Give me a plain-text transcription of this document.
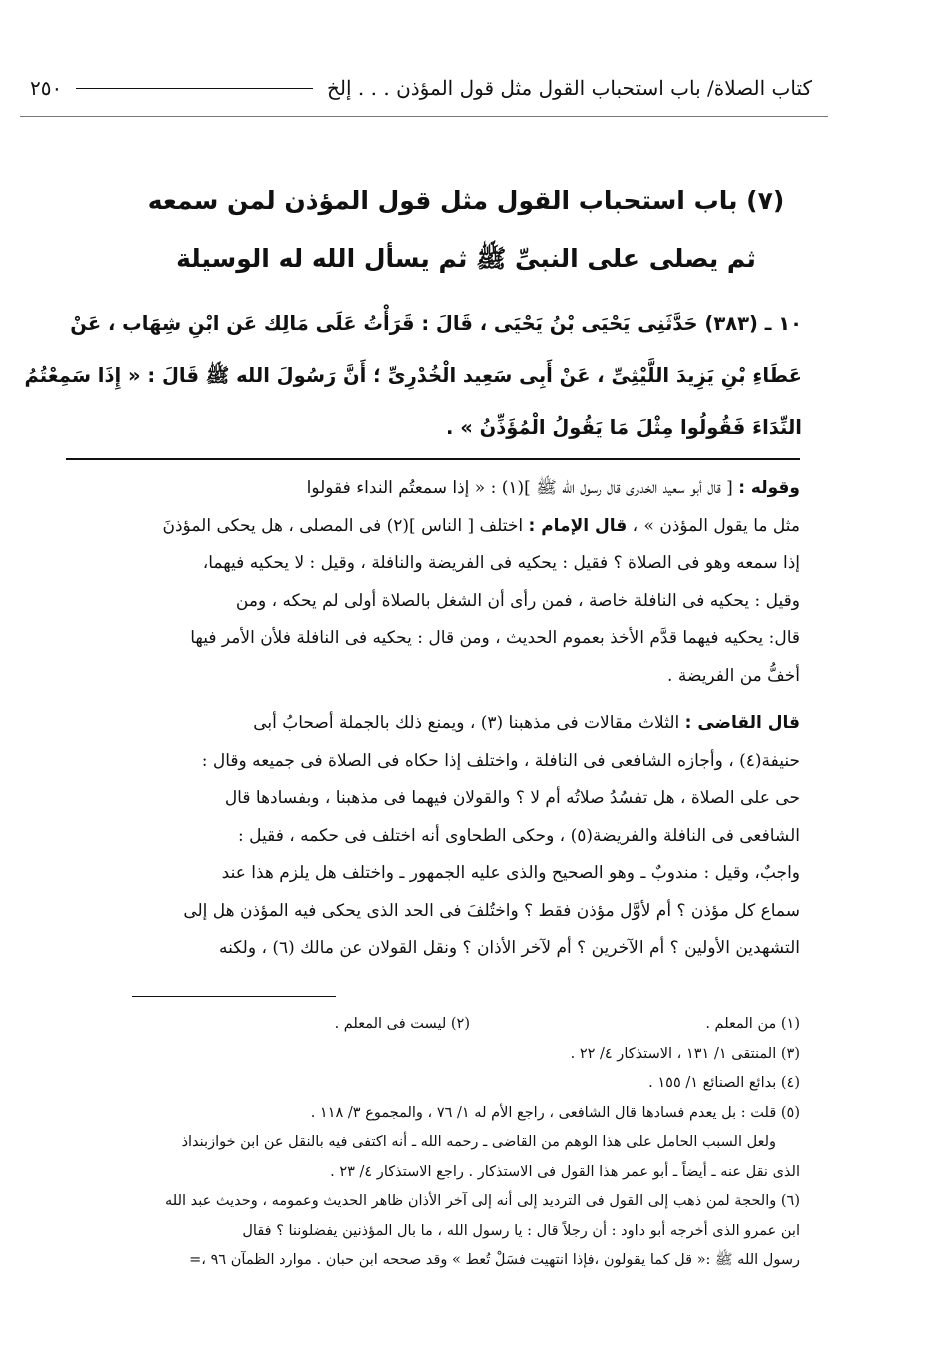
كتاب الصلاة/ باب استحباب القول مثل قول المؤذن . . . إلخ
٢٥٠
(٧) باب استحباب القول مثل قول المؤذن لمن سمعه
ثم يصلى على النبىِّ ﷺ ثم يسأل الله له الوسيلة
١٠ ـ (٣٨٣) حَدَّثَنِى يَحْيَى بْنُ يَحْيَى ، قَالَ : قَرَأْتُ عَلَى مَالِك عَن ابْنِ شِهَاب ، عَنْ
عَطَاءِ بْنِ يَزِيدَ اللَّيْثِىِّ ، عَنْ أَبِى سَعِيد الْخُدْرِىِّ ؛ أَنَّ رَسُولَ الله ﷺ قَالَ : « إِذَا سَمِعْتُمُ
النِّدَاءَ فَقُولُوا مِثْلَ مَا يَقُولُ الْمُؤَذِّنُ » .
وقوله : [ قال أبو سعيد الخدرى قال رسول الله ﷺ ](١) : « إذا سمعتُم النداء فقولوا
مثل ما يقول المؤذن » ، قال الإمام : اختلف [ الناس ](٢) فى المصلى ، هل يحكى المؤذنَ
إذا سمعه وهو فى الصلاة ؟ فقيل : يحكيه فى الفريضة والنافلة ، وقيل : لا يحكيه فيهما،
وقيل : يحكيه فى النافلة خاصة ، فمن رأى أن الشغل بالصلاة أولى لم يحكه ، ومن
قال: يحكيه فيهما قدَّم الأخذ بعموم الحديث ، ومن قال : يحكيه فى النافلة فلأن الأمر فيها
أخفُّ من الفريضة .
قال القاضى : الثلاث مقالات فى مذهبنا (٣) ، ويمنع ذلك بالجملة أصحابُ أبى
حنيفة(٤) ، وأجازه الشافعى فى النافلة ، واختلف إذا حكاه فى الصلاة فى جميعه وقال :
حى على الصلاة ، هل تفسُدُ صلاتُه أم لا ؟ والقولان فيهما فى مذهبنا ، وبفسادها قال
الشافعى فى النافلة والفريضة(٥) ، وحكى الطحاوى أنه اختلف فى حكمه ، فقيل :
واجبٌ، وقيل : مندوبٌ ـ وهو الصحيح والذى عليه الجمهور ـ واختلف هل يلزم هذا عند
سماع كل مؤذن ؟ أم لأوَّل مؤذن فقط ؟ واختُلفَ فى الحد الذى يحكى فيه المؤذن هل إلى
التشهدين الأولين ؟ أم الآخرين ؟ أم لآخر الأذان ؟ ونقل القولان عن مالك (٦) ، ولكنه
(١) من المعلم .
(٢) ليست فى المعلم .
(٣) المنتقى ١/ ١٣١ ، الاستذكار ٤/ ٢٢ .
(٤) بدائع الصنائع ١/ ١٥٥ .
(٥) قلت : بل يعدم فسادها قال الشافعى ، راجع الأم له ١/ ٧٦ ، والمجموع ٣/ ١١٨ .
ولعل السبب الحامل على هذا الوهم من القاضى ـ رحمه الله ـ أنه اكتفى فيه بالنقل عن ابن خوازبنداذ
الذى نقل عنه ـ أيضاً ـ أبو عمر هذا القول فى الاستذكار . راجع الاستذكار ٤/ ٢٣ .
(٦) والحجة لمن ذهب إلى القول فى الترديد إلى أنه إلى آخر الأذان ظاهر الحديث وعمومه ، وحديث عبد الله
ابن عمرو الذى أخرجه أبو داود : أن رجلاً قال : يا رسول الله ، ما بال المؤذنين يفضلوننا ؟ فقال
رسول الله ﷺ :« قل كما يقولون ،فإذا انتهيت فسَلْ تُعط » وقد صححه ابن حبان . موارد الظمآن ٩٦ ،=
